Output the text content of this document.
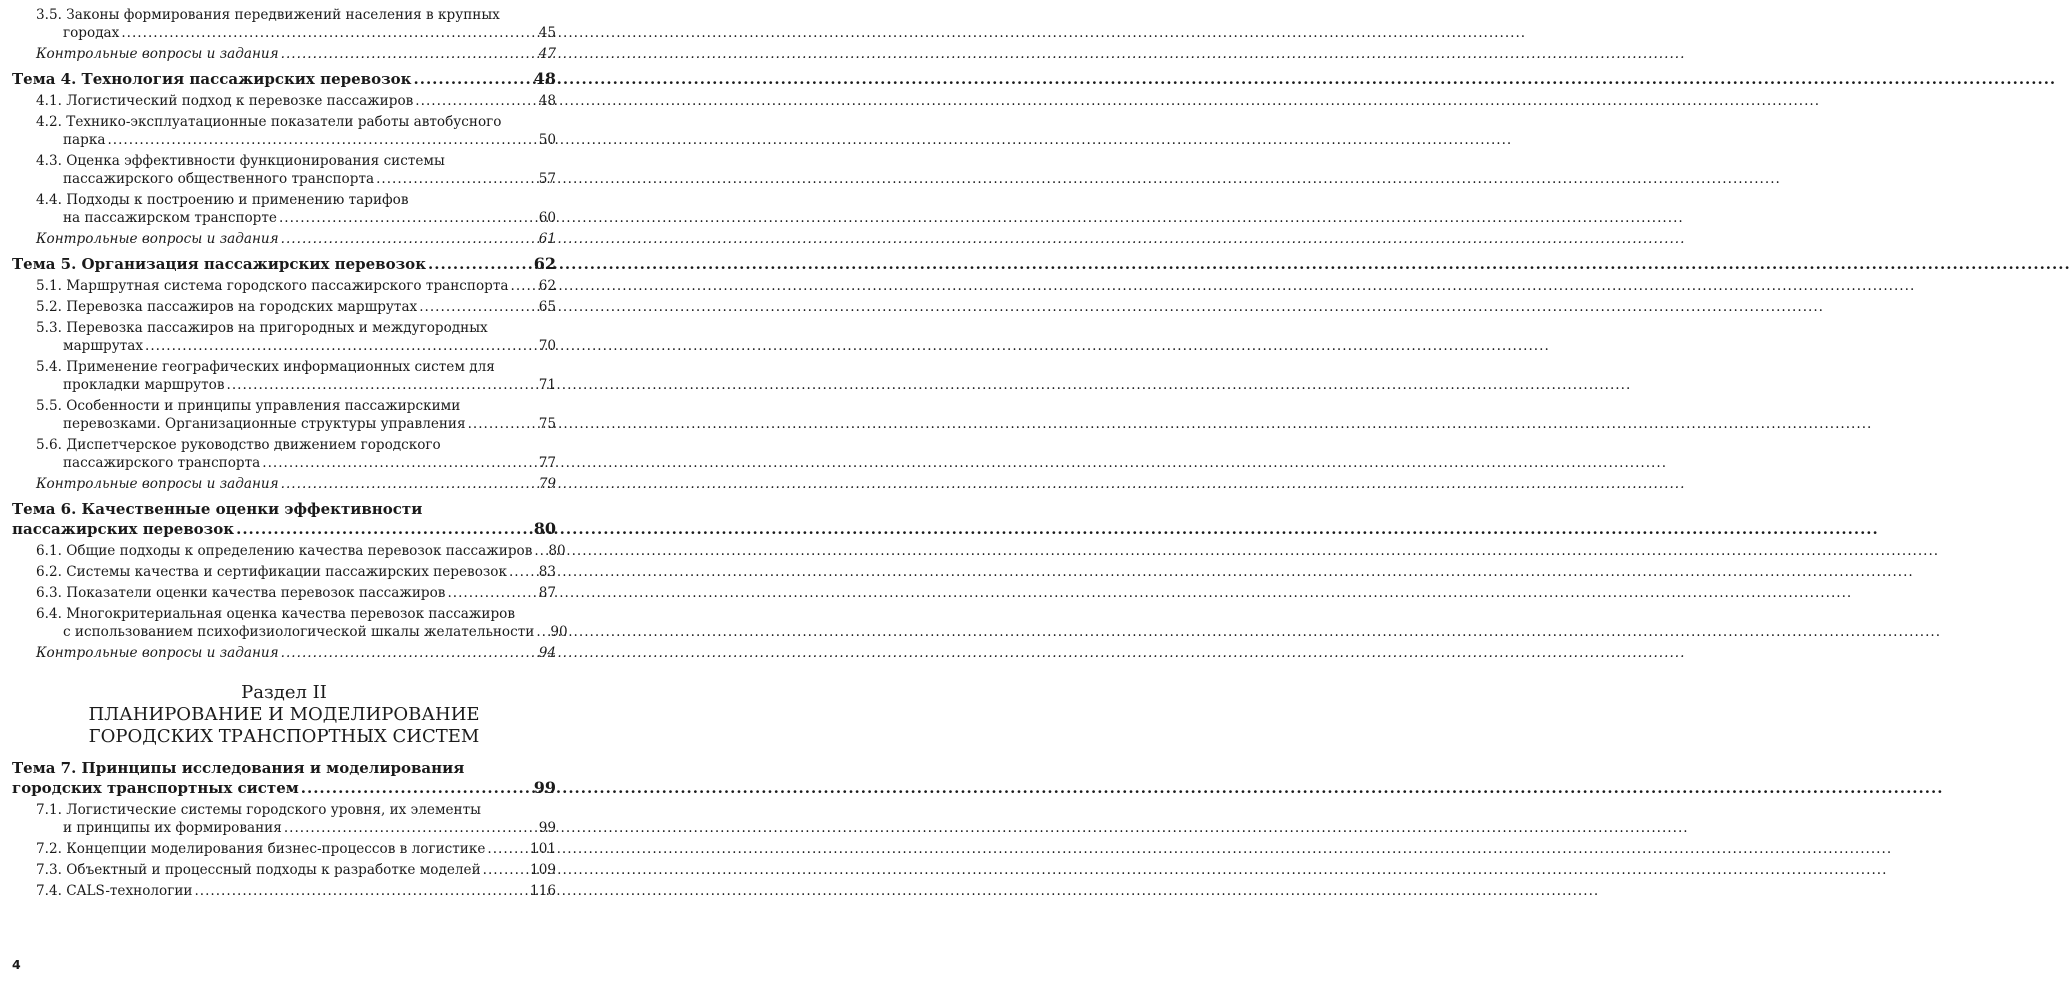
3.5. Законы формирования передвижений населения в крупных
городах .....	45
Контрольные вопросы и задания .....	47
Тема 4. Технология пассажирских перевозок .....	48
4.1. Логистический подход к перевозке пассажиров .....	48
4.2. Технико-эксплуатационные показатели работы автобусного
парка .....	50
4.3. Оценка эффективности функционирования системы
пассажирского общественного транспорта .....	57
4.4. Подходы к построению и применению тарифов
на пассажирском транспорте .....	60
Контрольные вопросы и задания .....	61
Тема 5. Организация пассажирских перевозок .....	62
5.1. Маршрутная система городского пассажирского транспорта ..... 62
5.2. Перевозка пассажиров на городских маршрутах .....	65
5.3. Перевозка пассажиров на пригородных и междугородных
маршрутах .....	70
5.4. Применение географических информационных систем для
прокладки маршрутов .....	71
5.5. Особенности и принципы управления пассажирскими
перевозками. Организационные структуры управления .....	75
5.6. Диспетчерское руководство движением городского
пассажирского транспорта .....	77
Контрольные вопросы и задания .....	79
Тема 6. Качественные оценки эффективности
пассажирских перевозок .....	80
6.1. Общие подходы к определению качества перевозок пассажиров ..... 80
6.2. Системы качества и сертификации пассажирских перевозок ..... 83
6.3. Показатели оценки качества перевозок пассажиров .....	87
6.4. Многокритериальная оценка качества перевозок пассажиров
с использованием психофизиологической шкалы желательности ..... 90
Контрольные вопросы и задания .....	94
Раздел II
ПЛАНИРОВАНИЕ И МОДЕЛИРОВАНИЕ
ГОРОДСКИХ ТРАНСПОРТНЫХ СИСТЕМ
Тема 7. Принципы исследования и моделирования
городских транспортных систем .....	99
7.1. Логистические системы городского уровня, их элементы
и принципы их формирования .....	99
7.2. Концепции моделирования бизнес-процессов в логистике .....	101
7.3. Объектный и процессный подходы к разработке моделей .....	109
7.4. CALS-технологии .....	116
4
